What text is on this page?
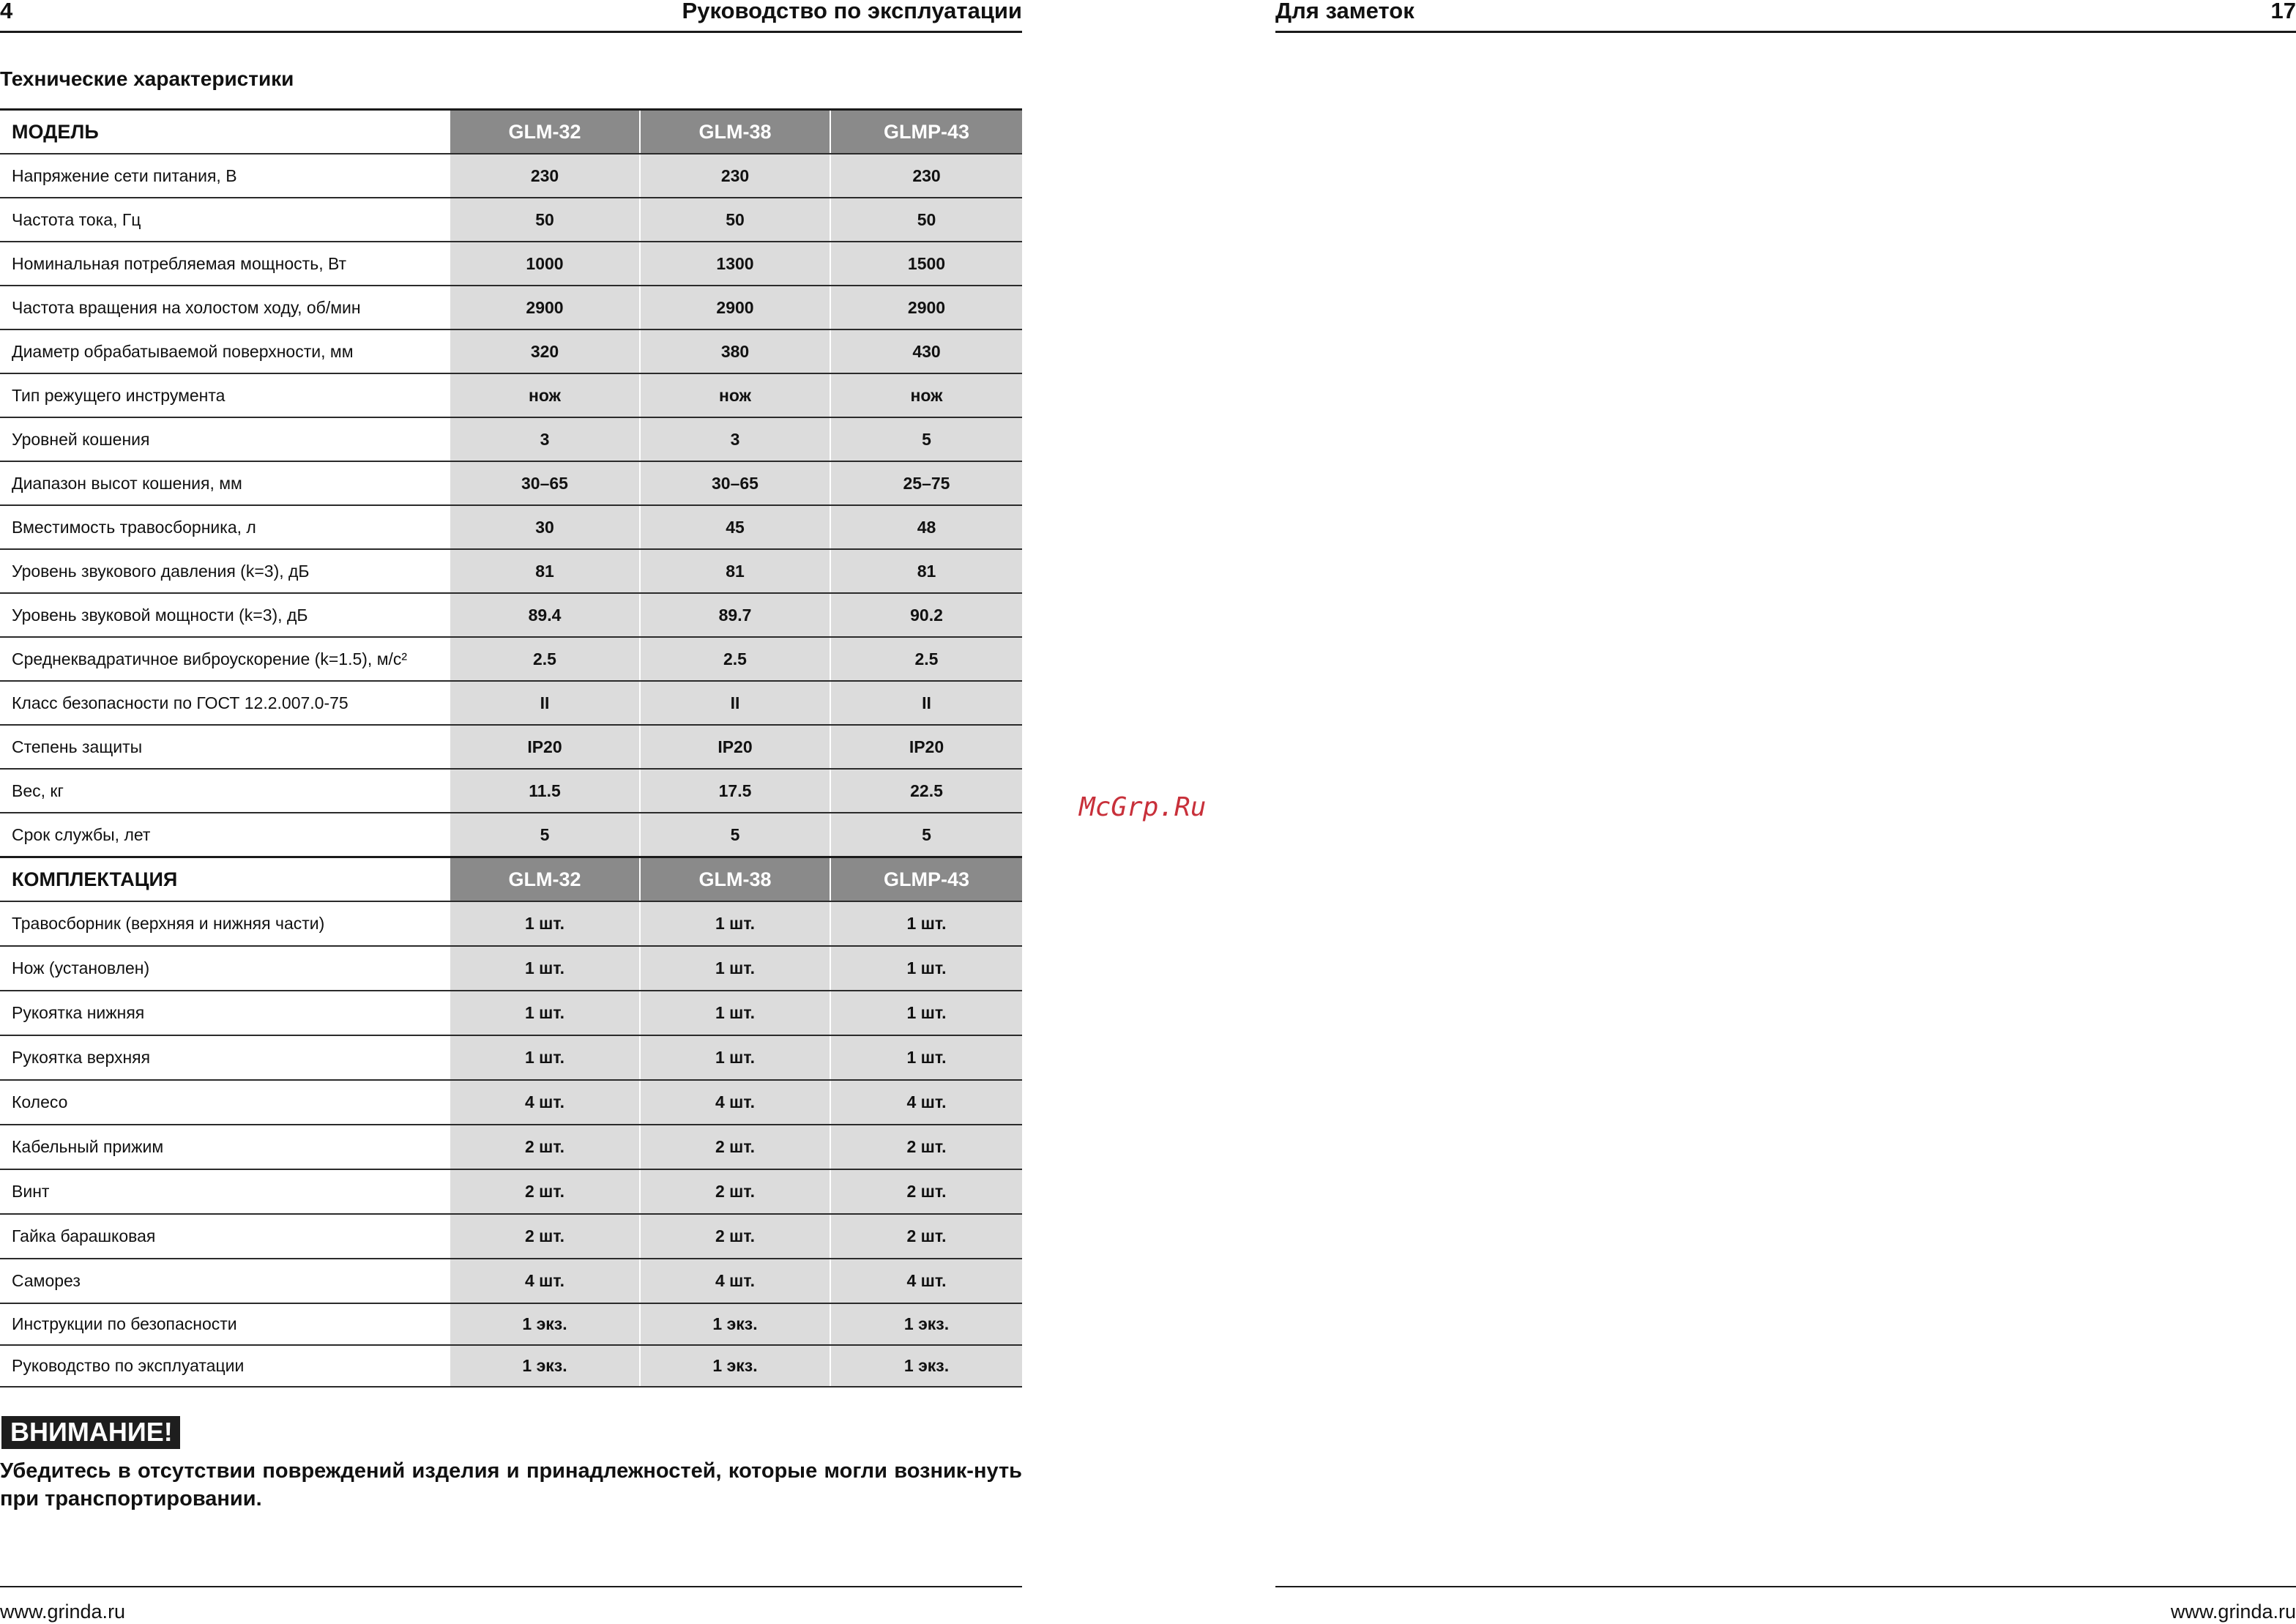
4	Руководство по эксплуатации
Технические характеристики
МОДЕЛЬ	GLM-32	GLM-38	GLMP-43
Напряжение сети питания, В	230	230	230
Частота тока, Гц	50	50	50
Номинальная потребляемая мощность, Вт	1000	1300	1500
Частота вращения на холостом ходу, об/мин	2900	2900	2900
Диаметр обрабатываемой поверхности, мм	320	380	430
Тип режущего инструмента	нож	нож	нож
Уровней кошения	3	3	5
Диапазон высот кошения, мм	30–65	30–65	25–75
Вместимость травосборника, л	30	45	48
Уровень звукового давления (k=3), дБ	81	81	81
Уровень звуковой мощности (k=3), дБ	89.4	89.7	90.2
Среднеквадратичное виброускорение (k=1.5), м/с²	2.5	2.5	2.5
Класс безопасности по ГОСТ 12.2.007.0-75	II	II	II
Степень защиты	IP20	IP20	IP20
Вес, кг	11.5	17.5	22.5
Срок службы, лет	5	5	5
КОМПЛЕКТАЦИЯ	GLM-32	GLM-38	GLMP-43
Травосборник (верхняя и нижняя части)	1 шт.	1 шт.	1 шт.
Нож (установлен)	1 шт.	1 шт.	1 шт.
Рукоятка нижняя	1 шт.	1 шт.	1 шт.
Рукоятка верхняя	1 шт.	1 шт.	1 шт.
Колесо	4 шт.	4 шт.	4 шт.
Кабельный прижим	2 шт.	2 шт.	2 шт.
Винт	2 шт.	2 шт.	2 шт.
Гайка барашковая	2 шт.	2 шт.	2 шт.
Саморез	4 шт.	4 шт.	4 шт.
Инструкции по безопасности	1 экз.	1 экз.	1 экз.
Руководство по эксплуатации	1 экз.	1 экз.	1 экз.
ВНИМАНИЕ!
Убедитесь в отсутствии повреждений изделия и принадлежностей, которые могли возник-нуть при транспортировании.
www.grinda.ru
Для заметок	17
www.grinda.ru
McGrp.Ru
